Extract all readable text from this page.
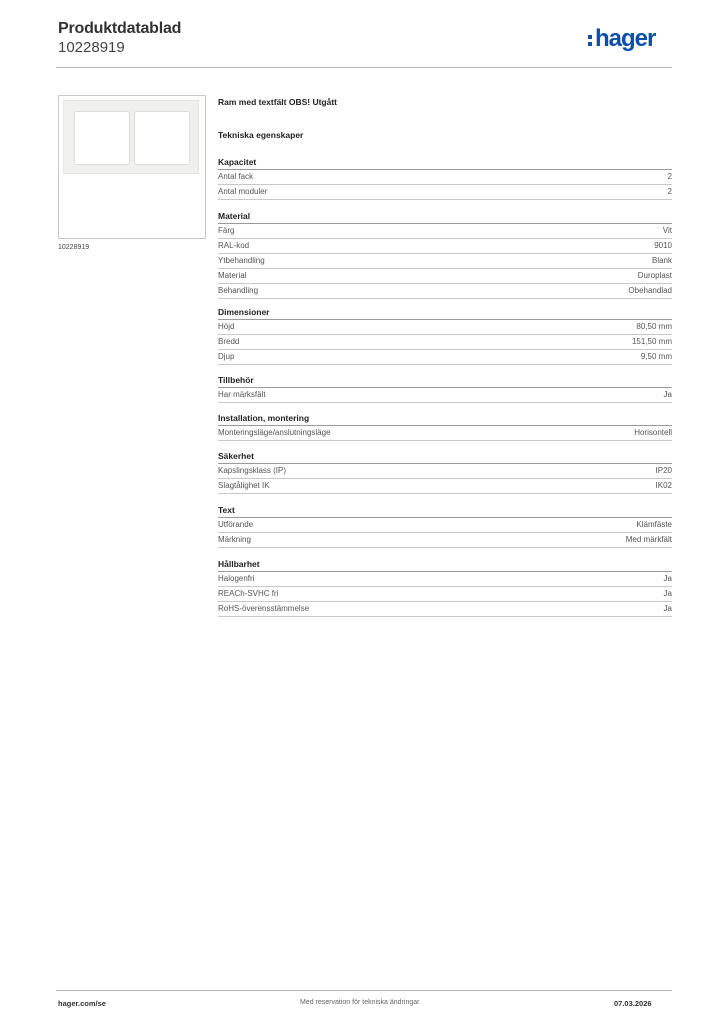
Produktdatablad
10228919	hager
10228919
Ram med textfält OBS! Utgått
Tekniska egenskaper
Kapacitet
Antal fack	2
Antal moduler	2
Material
Färg	Vit
RAL-kod	9010
Ytbehandling	Blank
Material	Duroplast
Behandling	Obehandlad
Dimensioner
Höjd	80,50 mm
Bredd	151,50 mm
Djup	9,50 mm
Tillbehör
Har märksfält	Ja
Installation, montering
Monteringsläge/anslutningsläge	Horisontell
Säkerhet
Kapslingsklass (IP)	IP20
Slagtålighet IK	IK02
Text
Utförande	Klämfäste
Märkning	Med märkfält
Hållbarhet
Halogenfri	Ja
REACh-SVHC fri	Ja
RoHS-överensstämmelse	Ja
hager.com/se	Med reservation för tekniska ändringar	07.03.2026
